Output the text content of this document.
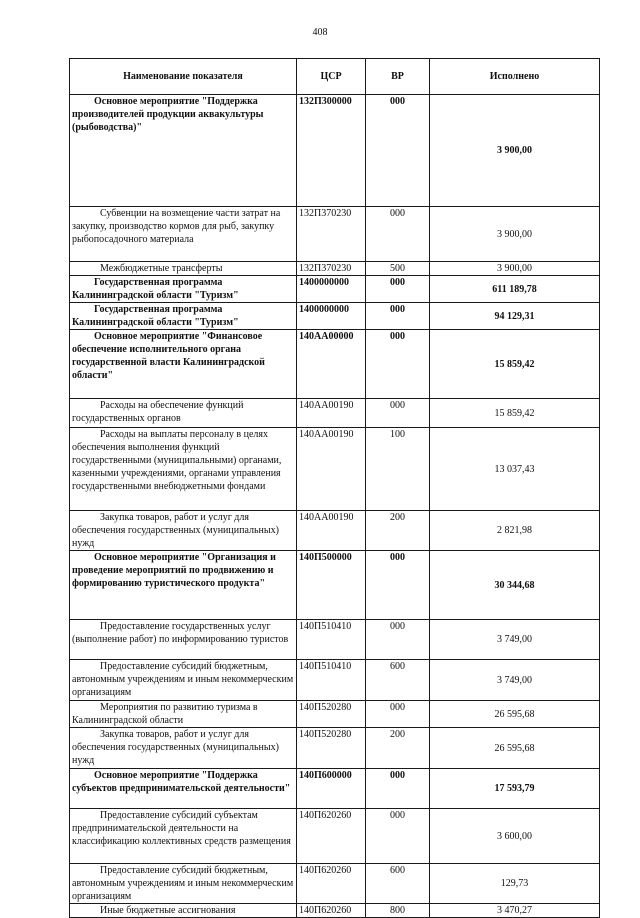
408
Наименование показателя	ЦСР	ВР	Исполнено

Основное мероприятие "Поддержка производителей продукции аквакультуры (рыбоводства)"	132П300000	000	3 900,00

Субвенции на возмещение части затрат на закупку, производство кормов для рыб, закупку рыбопосадочного материала	132П370230	000	3 900,00

Межбюджетные трансферты	132П370230	500	3 900,00

Государственная программа Калининградской области "Туризм"	1400000000	000	611 189,78

Государственная программа Калининградской области "Туризм"	1400000000	000	94 129,31

Основное мероприятие "Финансовое обеспечение исполнительного органа государственной власти Калининградской области"	140АА00000	000	15 859,42

Расходы на обеспечение функций государственных органов	140АА00190	000	15 859,42

Расходы на выплаты персоналу в целях обеспечения выполнения функций государственными (муниципальными) органами, казенными учреждениями, органами управления государственными внебюджетными фондами	140АА00190	100	13 037,43

Закупка товаров, работ и услуг для обеспечения государственных (муниципальных) нужд	140АА00190	200	2 821,98

Основное мероприятие "Организация и проведение мероприятий по продвижению и формированию туристического продукта"	140П500000	000	30 344,68

Предоставление государственных услуг (выполнение работ) по информированию туристов	140П510410	000	3 749,00

Предоставление субсидий бюджетным, автономным учреждениям и иным некоммерческим организациям	140П510410	600	3 749,00

Мероприятия по развитию туризма в Калининградской области	140П520280	000	26 595,68

Закупка товаров, работ и услуг для обеспечения государственных (муниципальных) нужд	140П520280	200	26 595,68

Основное мероприятие "Поддержка субъектов предпринимательской деятельности"	140П600000	000	17 593,79

Предоставление субсидий субъектам предпринимательской деятельности на классификацию коллективных средств размещения	140П620260	000	3 600,00

Предоставление субсидий бюджетным, автономным учреждениям и иным некоммерческим организациям	140П620260	600	129,73

Иные бюджетные ассигнования	140П620260	800	3 470,27
